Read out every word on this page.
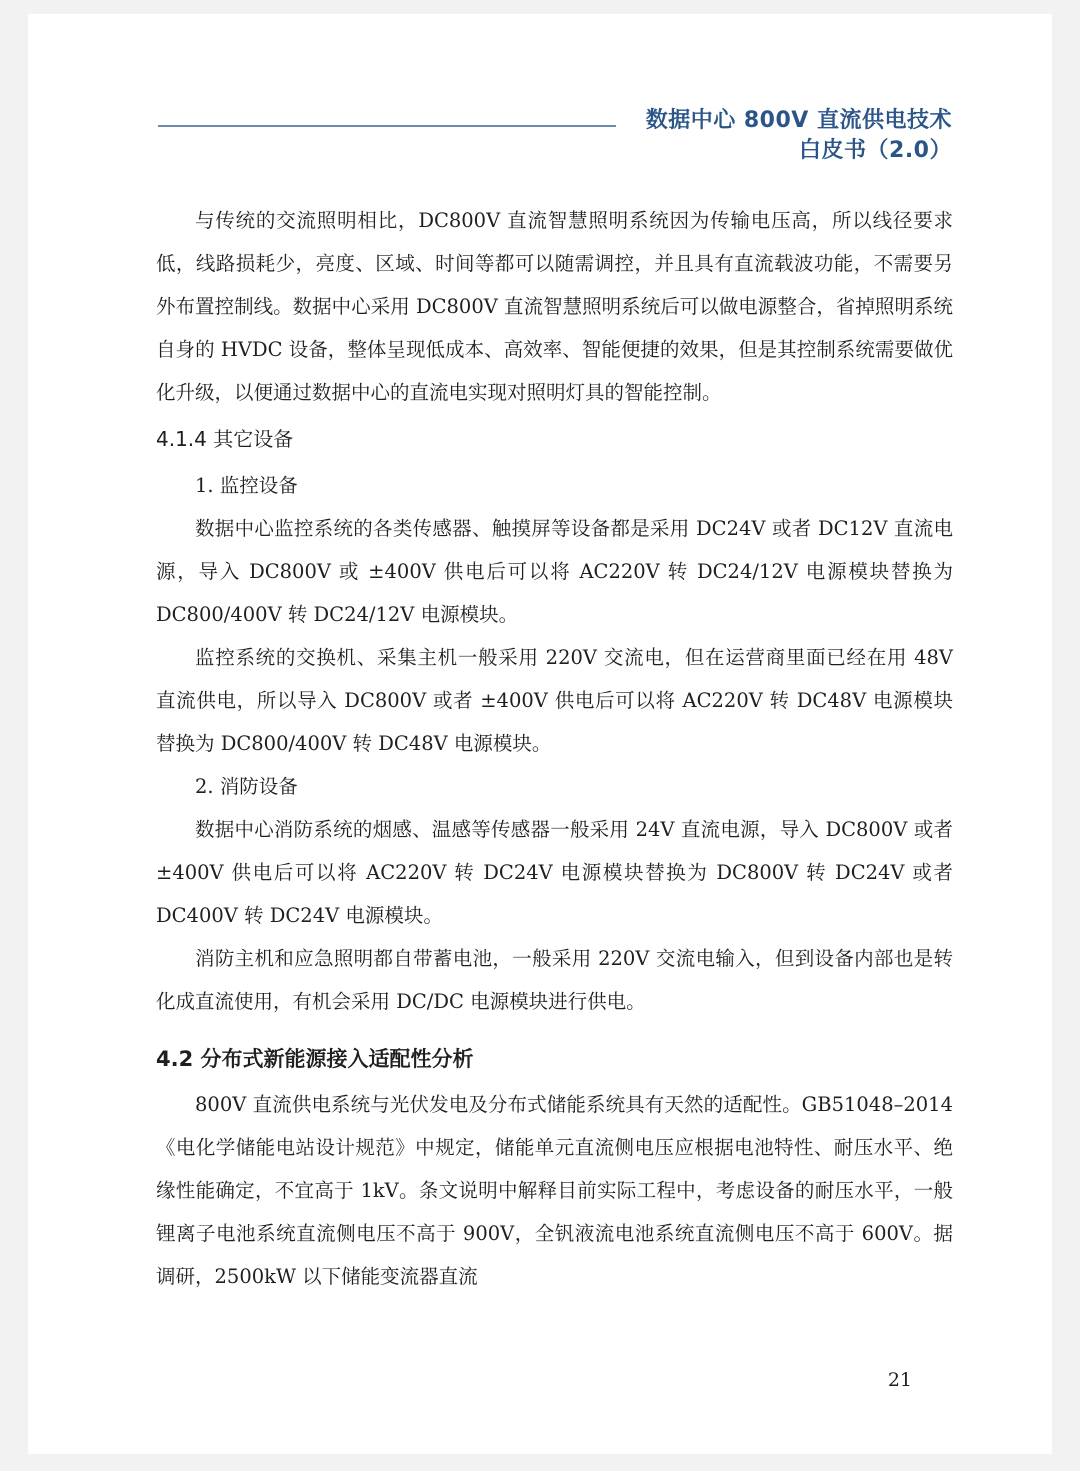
数据中心 800V 直流供电技术
白皮书（2.0）

与传统的交流照明相比，DC800V 直流智慧照明系统因为传输电压高，所以线径要求低，线路损耗少，亮度、区域、时间等都可以随需调控，并且具有直流载波功能，不需要另外布置控制线。数据中心采用 DC800V 直流智慧照明系统后可以做电源整合，省掉照明系统自身的 HVDC 设备，整体呈现低成本、高效率、智能便捷的效果，但是其控制系统需要做优化升级，以便通过数据中心的直流电实现对照明灯具的智能控制。

4.1.4 其它设备

1. 监控设备

数据中心监控系统的各类传感器、触摸屏等设备都是采用 DC24V 或者 DC12V 直流电源，导入 DC800V 或 ±400V 供电后可以将 AC220V 转 DC24/12V 电源模块替换为 DC800/400V 转 DC24/12V 电源模块。

监控系统的交换机、采集主机一般采用 220V 交流电，但在运营商里面已经在用 48V 直流供电，所以导入 DC800V 或者 ±400V 供电后可以将 AC220V 转 DC48V 电源模块替换为 DC800/400V 转 DC48V 电源模块。

2. 消防设备

数据中心消防系统的烟感、温感等传感器一般采用 24V 直流电源，导入 DC800V 或者 ±400V 供电后可以将 AC220V 转 DC24V 电源模块替换为 DC800V 转 DC24V 或者 DC400V 转 DC24V 电源模块。

消防主机和应急照明都自带蓄电池，一般采用 220V 交流电输入，但到设备内部也是转化成直流使用，有机会采用 DC/DC 电源模块进行供电。

4.2 分布式新能源接入适配性分析

800V 直流供电系统与光伏发电及分布式储能系统具有天然的适配性。GB51048–2014《电化学储能电站设计规范》中规定，储能单元直流侧电压应根据电池特性、耐压水平、绝缘性能确定，不宜高于 1kV。条文说明中解释目前实际工程中，考虑设备的耐压水平，一般锂离子电池系统直流侧电压不高于 900V，全钒液流电池系统直流侧电压不高于 600V。据调研，2500kW 以下储能变流器直流

21
